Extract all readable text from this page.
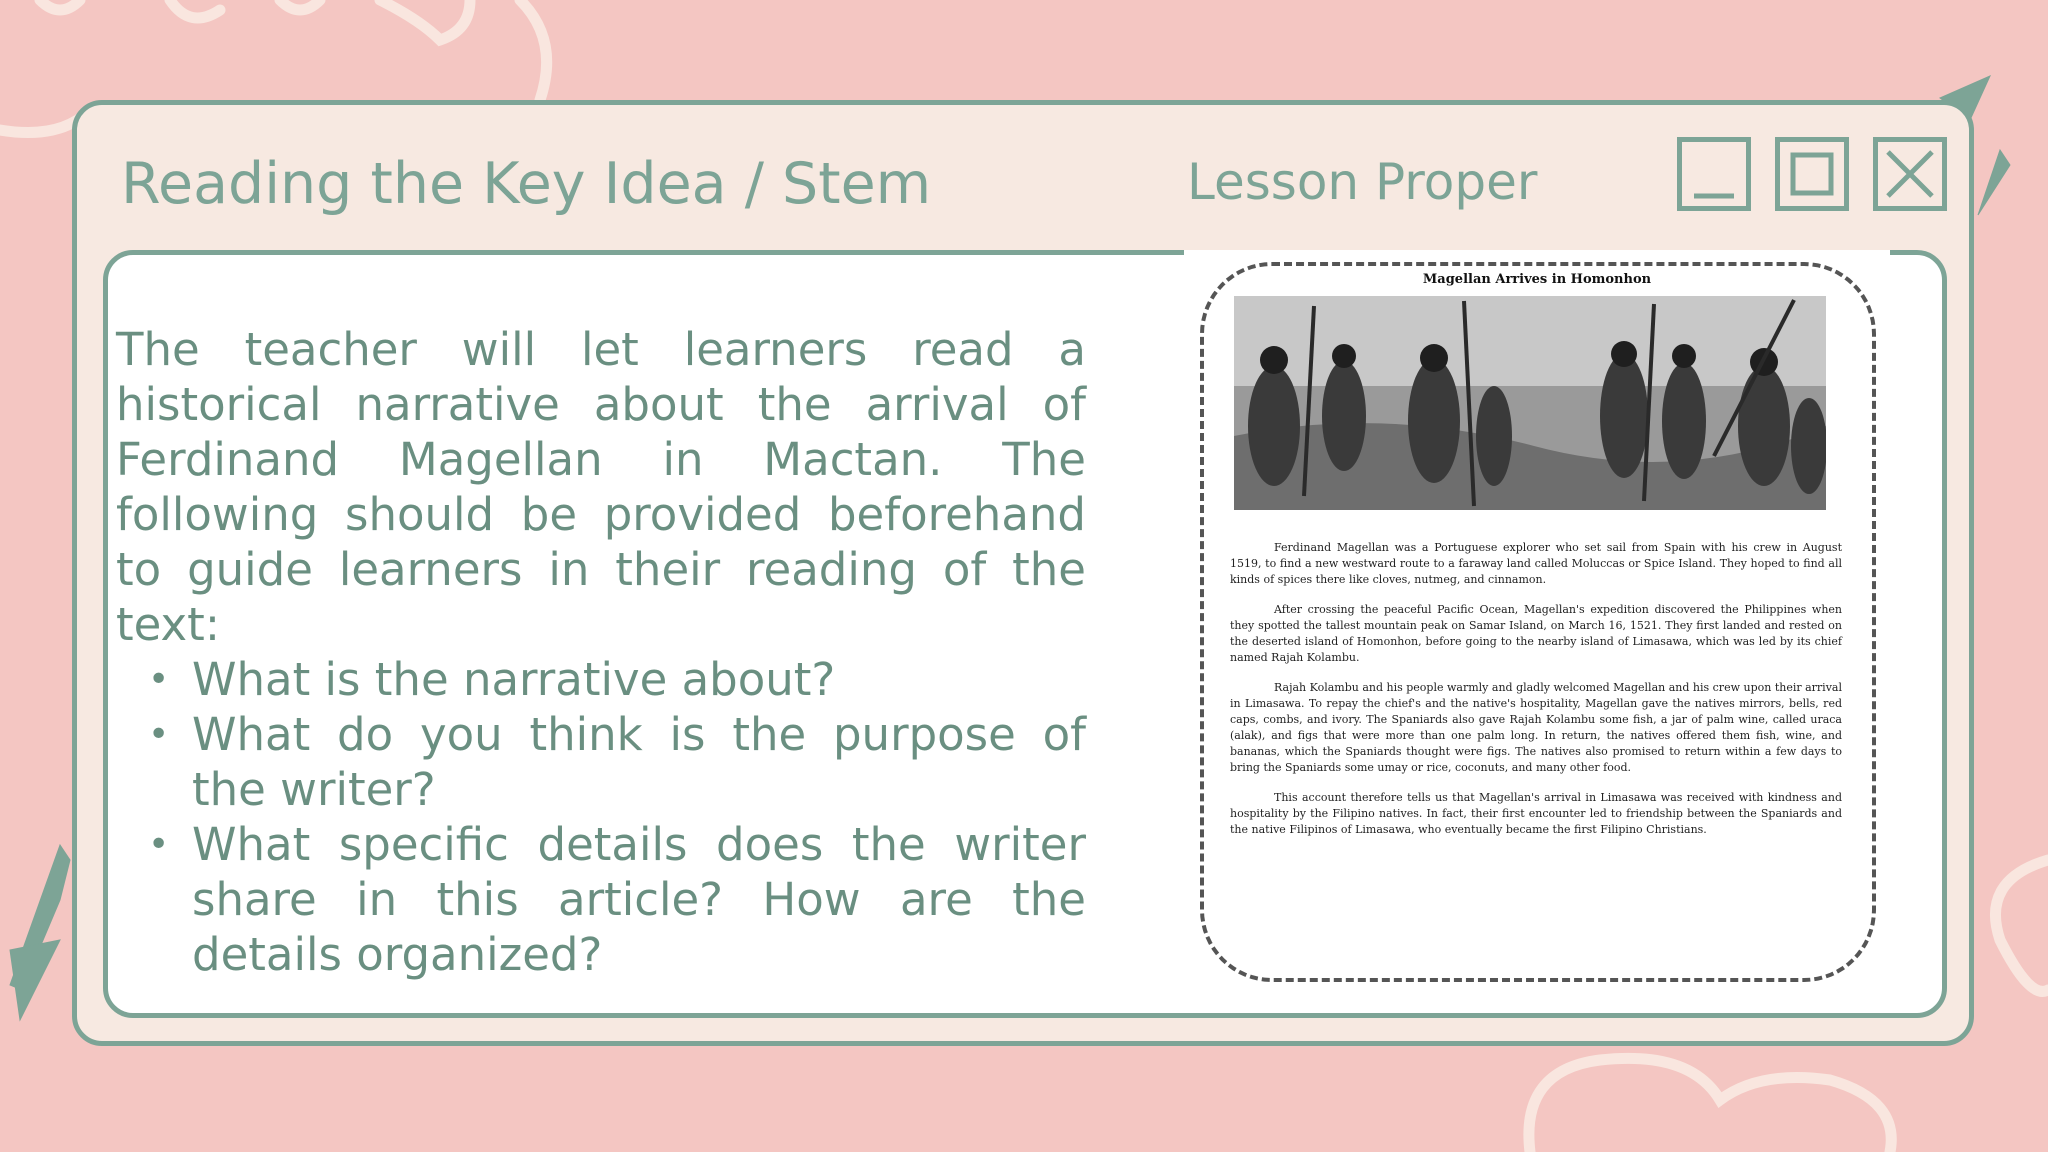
Reading the Key Idea / Stem	Lesson Proper

The teacher will let learners read a historical narrative about the arrival of Ferdinand Magellan in Mactan. The following should be provided beforehand to guide learners in their reading of the text:

• What is the narrative about?
• What do you think is the purpose of the writer?
• What specific details does the writer share in this article? How are the details organized?
Magellan Arrives in Homonhon

Ferdinand Magellan was a Portuguese explorer who set sail from Spain with his crew in August 1519, to find a new westward route to a faraway land called Moluccas or Spice Island. They hoped to find all kinds of spices there like cloves, nutmeg, and cinnamon.

After crossing the peaceful Pacific Ocean, Magellan's expedition discovered the Philippines when they spotted the tallest mountain peak on Samar Island, on March 16, 1521. They first landed and rested on the deserted island of Homonhon, before going to the nearby island of Limasawa, which was led by its chief named Rajah Kolambu.

Rajah Kolambu and his people warmly and gladly welcomed Magellan and his crew upon their arrival in Limasawa. To repay the chief's and the native's hospitality, Magellan gave the natives mirrors, bells, red caps, combs, and ivory. The Spaniards also gave Rajah Kolambu some fish, a jar of palm wine, called uraca (alak), and figs that were more than one palm long. In return, the natives offered them fish, wine, and bananas, which the Spaniards thought were figs. The natives also promised to return within a few days to bring the Spaniards some umay or rice, coconuts, and many other food.

This account therefore tells us that Magellan's arrival in Limasawa was received with kindness and hospitality by the Filipino natives. In fact, their first encounter led to friendship between the Spaniards and the native Filipinos of Limasawa, who eventually became the first Filipino Christians.
